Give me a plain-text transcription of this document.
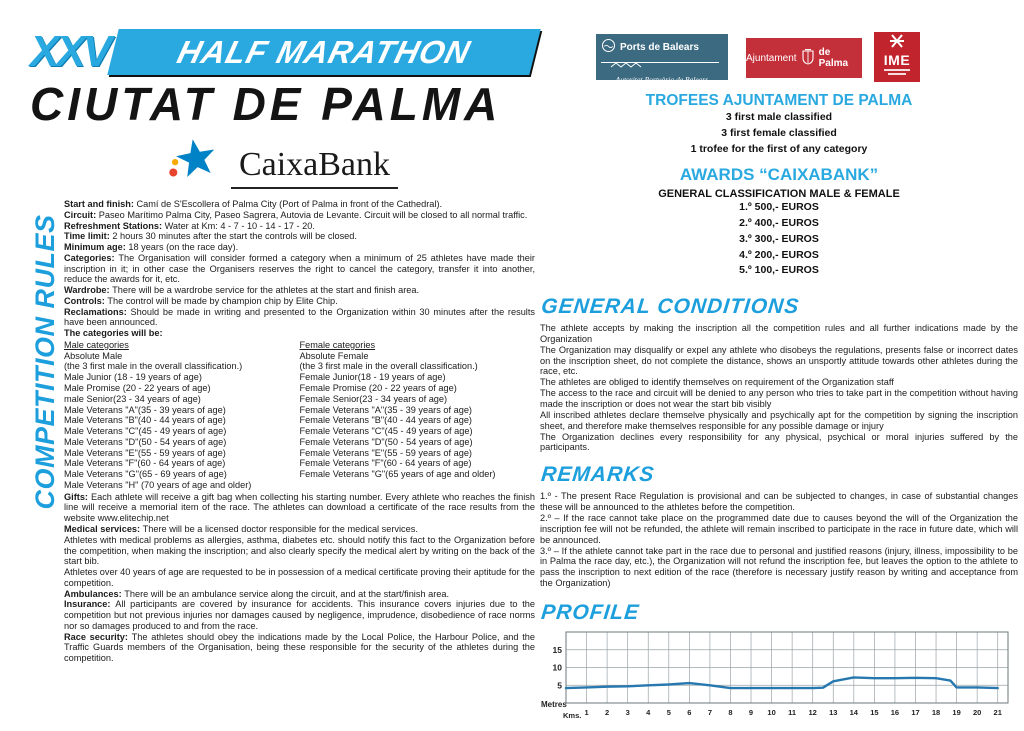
XXV HALF MARATHON
CIUTAT DE PALMA
CaixaBank
COMPETITION RULES

Start and finish: Camí de S'Escollera of Palma City (Port of Palma in front of the Cathedral).

Circuit: Paseo Marítimo Palma City, Paseo Sagrera, Autovia de Levante. Circuit will be closed to all normal traffic.

Refreshment Stations: Water at Km: 4 - 7 - 10 - 14 - 17 - 20.

Time limit: 2 hours 30 minutes after the start the controls will be closed.

Minimum age: 18 years (on the race day).

Categories: The Organisation will consider formed a category when a minimum of 25 athletes have made their inscription in it; in other case the Organisers reserves the right to cancel the category, transfer it into another, reduce the awards for it, etc.

Wardrobe: There will be a wardrobe service for the athletes at the start and finish area.

Controls: The control will be made by champion chip by Elite Chip.

Reclamations: Should be made in writing and presented to the Organization within 30 minutes after the results have been announced.

The categories will be:

Male categories
Absolute Male
(the 3 first male in the overall classification.)
Male Junior (18 - 19 years of age)
Male Promise (20 - 22 years of age)
male Senior(23 - 34 years of age)
Male Veterans "A"(35 - 39 years of age)
Male Veterans "B"(40 - 44 years of age)
Male Veterans "C"(45 - 49 years of age)
Male Veterans "D"(50 - 54 years of age)
Male Veterans "E"(55 - 59 years of age)
Male Veterans "F"(60 - 64 years of age)
Male Veterans "G"(65 - 69 years of age)
Male Veterans "H" (70 years of age and older)
Female categories
Absolute Female
(the 3 first male in the overall classification.)
Female Junior(18 - 19 years of age)
Female Promise (20 - 22 years of age)
Female Senior(23 - 34 years of age)
Female Veterans "A"(35 - 39 years of age)
Female Veterans "B"(40 - 44 years of age)
Female Veterans "C"(45 - 49 years of age)
Female Veterans "D"(50 - 54 years of age)
Female Veterans "E"(55 - 59 years of age)
Female Veterans "F"(60 - 64 years of age)
Female Veterans "G"(65 years of age and older)

Gifts: Each athlete will receive a gift bag when collecting his starting number. Every athlete who reaches the finish line will receive a memorial item of the race. The athletes can download a certificate of the race results from the website www.elitechip.net

Medical services: There will be a licensed doctor responsible for the medical services.

Athletes with medical problems as allergies, asthma, diabetes etc. should notify this fact to the Organization before the competition, when making the inscription; and also clearly specify the medical alert by writing on the back of the start bib.

Athletes over 40 years of age are requested to be in possession of a medical certificate proving their aptitude for the competition.

Ambulances: There will be an ambulance service along the circuit, and at the start/finish area.

Insurance: All participants are covered by insurance for accidents. This insurance covers injuries due to the competition but not previous injuries nor damages caused by negligence, imprudence, disobedience of race norms nor so damages produced to and from the race.

Race security: The athletes should obey the indications made by the Local Police, the Harbour Police, and the Traffic Guards members of the Organisation, being these responsible for the security of the athletes during the competition.

Ports de Balears
Autoritat Portuària de Balears
Ajuntament de Palma	IME
TROFEES AJUNTAMENT DE PALMA
3 first male classified
3 first female classified
1 trofee for the first of any category
AWARDS “CAIXABANK”
GENERAL CLASSIFICATION MALE & FEMALE
1.º 500,- EUROS
2.º 400,- EUROS
3.º 300,- EUROS
4.º 200,- EUROS
5.º 100,- EUROS
GENERAL CONDITIONS

The athlete accepts by making the inscription all the competition rules and all further indications made by the Organization

The Organization may disqualify or expel any athlete who disobeys the regulations, presents false or incorrect dates on the inscription sheet, do not complete the distance, shows an unsportly attitude towards other athletes during the race, etc.

The athletes are obliged to identify themselves on requirement of the Organization staff

The access to the race and circuit will be denied to any person who tries to take part in the competition without having made the inscription or does not wear the start bib visibly

All inscribed athletes declare themselve physically and psychically apt for the competition by signing the inscription sheet, and therefore make themselves responsible for any possible damage or injury

The Organization declines every responsibility for any physical, psychical or moral injuries suffered by the participants.

REMARKS

1.º - The present Race Regulation is provisional and can be subjected to changes, in case of substantial changes these will be announced to the athletes before the competition.

2.º – If the race cannot take place on the programmed date due to causes beyond the will of the Organization the inscription fee will not be refunded, the athlete will remain inscribed to participate in the race in future date, which will be announced.

3.º – If the athlete cannot take part in the race due to personal and justified reasons (injury, illness, impossibility to be in Palma the race day, etc.), the Organization will not refund the inscription fee, but leaves the option to the athlete to pass the inscription to next edition of the race (therefore is necessary justify reason by writing and acceptance from the Organization)

PROFILE
5
10
15
Metres
Kms. 1 2 3 4 5 6 7 8 9 10 11 12 13 14 15 16 17 18 19 20 21
